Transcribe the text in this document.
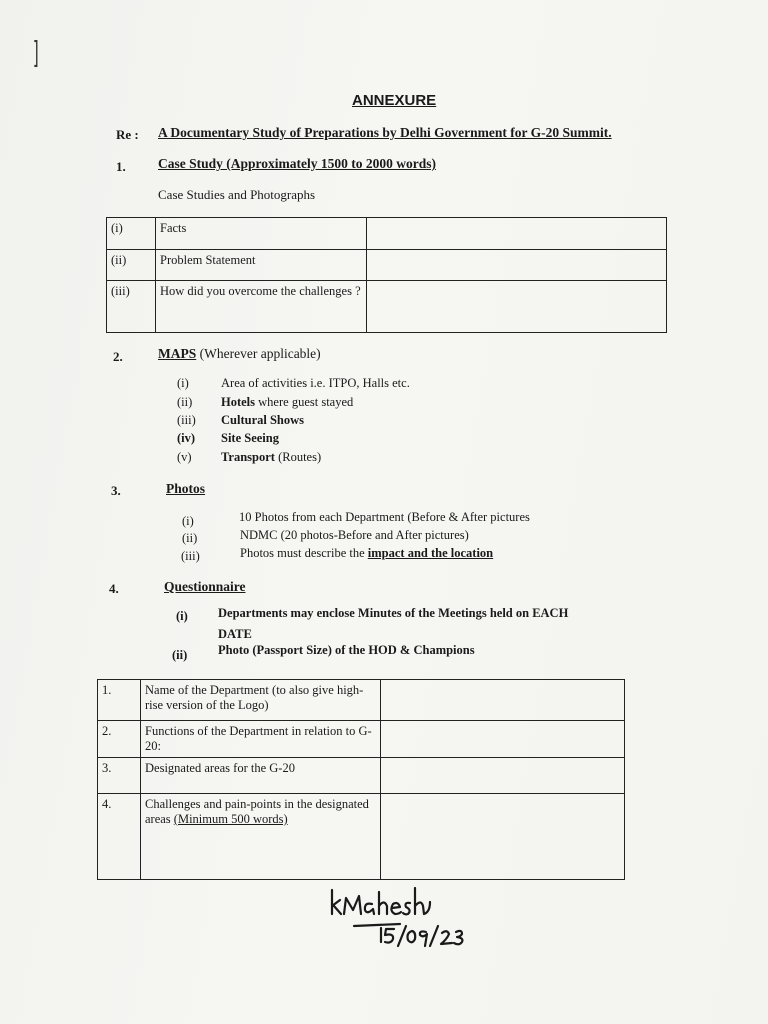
]
ANNEXURE
Re : A Documentary Study of Preparations by Delhi Government for G-20 Summit.
1. Case Study (Approximately 1500 to 2000 words)
Case Studies and Photographs
(i)	Facts	
(ii)	Problem Statement	
(iii)	How did you overcome the challenges ?	
2.	MAPS (Wherever applicable)
(i)	Area of activities i.e. ITPO, Halls etc.
(ii) Hotels where guest stayed
(iii) Cultural Shows
(iv) Site Seeing
(v) Transport (Routes)
3.	Photos
(i)	10 Photos from each Department (Before & After pictures
(ii)	NDMC (20 photos-Before and After pictures)
(iii)	Photos must describe the impact and the location
4.	Questionnaire
(i) Departments may enclose Minutes of the Meetings held on EACH
DATE
(ii) Photo (Passport Size) of the HOD & Champions
1.	Name of the Department (to also give high-rise version of the Logo)	
2.	Functions of the Department in relation to G-20:	
3.	Designated areas for the G-20	
4.	Challenges and pain-points in the designated areas (Minimum 500 words)	
